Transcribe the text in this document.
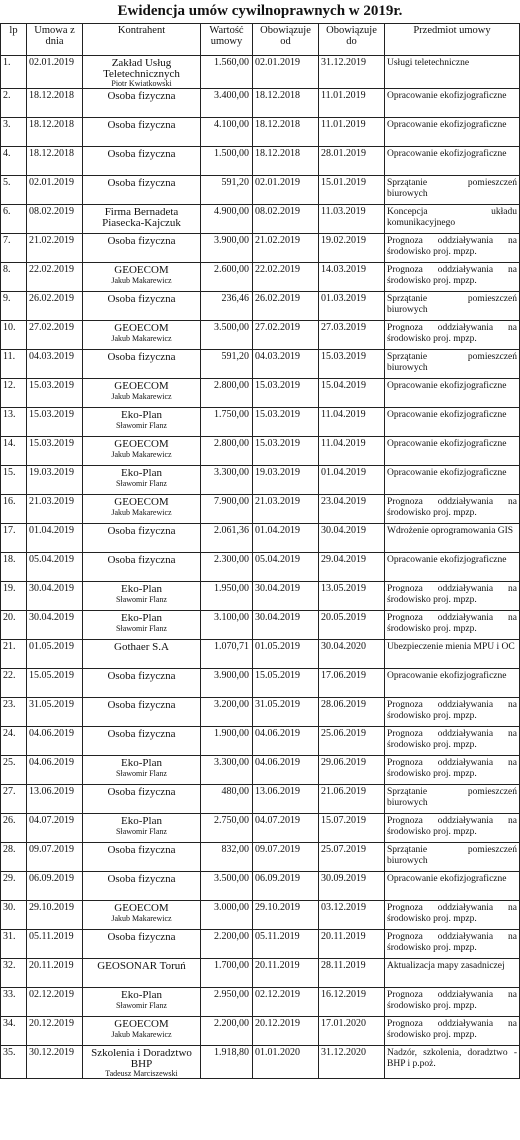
Ewidencja umów cywilnoprawnych w 2019r.
lp	Umowa z dnia	Kontrahent	Wartość umowy	Obowiązuje od	Obowiązuje do	Przedmiot umowy
1.	02.01.2019	Zakład Usług Teletechnicznych
Piotr Kwiatkowski	1.560,00	02.01.2019	31.12.2019	Usługi teletechniczne
2.	18.12.2018	Osoba fizyczna	3.400,00	18.12.2018	11.01.2019	Opracowanie ekofizjograficzne
3.	18.12.2018	Osoba fizyczna	4.100,00	18.12.2018	11.01.2019	Opracowanie ekofizjograficzne
4.	18.12.2018	Osoba fizyczna	1.500,00	18.12.2018	28.01.2019	Opracowanie ekofizjograficzne
5.	02.01.2019	Osoba fizyczna	591,20	02.01.2019	15.01.2019	Sprzątanie pomieszczeń biurowych
6.	08.02.2019	Firma Bernadeta Piasecka-Kajczuk	4.900,00	08.02.2019	11.03.2019	Koncepcja układu komunikacyjnego
7.	21.02.2019	Osoba fizyczna	3.900,00	21.02.2019	19.02.2019	Prognoza oddziaływania na środowisko proj. mpzp.
8.	22.02.2019	GEOECOM
Jakub Makarewicz	2.600,00	22.02.2019	14.03.2019	Prognoza oddziaływania na środowisko proj. mpzp.
9.	26.02.2019	Osoba fizyczna	236,46	26.02.2019	01.03.2019	Sprzątanie pomieszczeń biurowych
10.	27.02.2019	GEOECOM
Jakub Makarewicz	3.500,00	27.02.2019	27.03.2019	Prognoza oddziaływania na środowisko proj. mpzp.
11.	04.03.2019	Osoba fizyczna	591,20	04.03.2019	15.03.2019	Sprzątanie pomieszczeń biurowych
12.	15.03.2019	GEOECOM
Jakub Makarewicz	2.800,00	15.03.2019	15.04.2019	Opracowanie ekofizjograficzne
13.	15.03.2019	Eko-Plan
Sławomir Flanz	1.750,00	15.03.2019	11.04.2019	Opracowanie ekofizjograficzne
14.	15.03.2019	GEOECOM
Jakub Makarewicz	2.800,00	15.03.2019	11.04.2019	Opracowanie ekofizjograficzne
15.	19.03.2019	Eko-Plan
Sławomir Flanz	3.300,00	19.03.2019	01.04.2019	Opracowanie ekofizjograficzne
16.	21.03.2019	GEOECOM
Jakub Makarewicz	7.900,00	21.03.2019	23.04.2019	Prognoza oddziaływania na środowisko proj. mpzp.
17.	01.04.2019	Osoba fizyczna	2.061,36	01.04.2019	30.04.2019	Wdrożenie oprogramowania GIS
18.	05.04.2019	Osoba fizyczna	2.300,00	05.04.2019	29.04.2019	Opracowanie ekofizjograficzne
19.	30.04.2019	Eko-Plan
Sławomir Flanz	1.950,00	30.04.2019	13.05.2019	Prognoza oddziaływania na środowisko proj. mpzp.
20.	30.04.2019	Eko-Plan
Sławomir Flanz	3.100,00	30.04.2019	20.05.2019	Prognoza oddziaływania na środowisko proj. mpzp.
21.	01.05.2019	Gothaer S.A	1.070,71	01.05.2019	30.04.2020	Ubezpieczenie mienia MPU i OC
22.	15.05.2019	Osoba fizyczna	3.900,00	15.05.2019	17.06.2019	Opracowanie ekofizjograficzne
23.	31.05.2019	Osoba fizyczna	3.200,00	31.05.2019	28.06.2019	Prognoza oddziaływania na środowisko proj. mpzp.
24.	04.06.2019	Osoba fizyczna	1.900,00	04.06.2019	25.06.2019	Prognoza oddziaływania na środowisko proj. mpzp.
25.	04.06.2019	Eko-Plan
Sławomir Flanz	3.300,00	04.06.2019	29.06.2019	Prognoza oddziaływania na środowisko proj. mpzp.
27.	13.06.2019	Osoba fizyczna	480,00	13.06.2019	21.06.2019	Sprzątanie pomieszczeń biurowych
26.	04.07.2019	Eko-Plan
Sławomir Flanz	2.750,00	04.07.2019	15.07.2019	Prognoza oddziaływania na środowisko proj. mpzp.
28.	09.07.2019	Osoba fizyczna	832,00	09.07.2019	25.07.2019	Sprzątanie pomieszczeń biurowych
29.	06.09.2019	Osoba fizyczna	3.500,00	06.09.2019	30.09.2019	Opracowanie ekofizjograficzne
30.	29.10.2019	GEOECOM
Jakub Makarewicz	3.000,00	29.10.2019	03.12.2019	Prognoza oddziaływania na środowisko proj. mpzp.
31.	05.11.2019	Osoba fizyczna	2.200,00	05.11.2019	20.11.2019	Prognoza oddziaływania na środowisko proj. mpzp.
32.	20.11.2019	GEOSONAR Toruń	1.700,00	20.11.2019	28.11.2019	Aktualizacja mapy zasadniczej
33.	02.12.2019	Eko-Plan
Sławomir Flanz	2.950,00	02.12.2019	16.12.2019	Prognoza oddziaływania na środowisko proj. mpzp.
34.	20.12.2019	GEOECOM
Jakub Makarewicz	2.200,00	20.12.2019	17.01.2020	Prognoza oddziaływania na środowisko proj. mpzp.
35.	30.12.2019	Szkolenia i Doradztwo BHP
Tadeusz Marciszewski	1.918,80	01.01.2020	31.12.2020	Nadzór, szkolenia, doradztwo - BHP i p.poż.
